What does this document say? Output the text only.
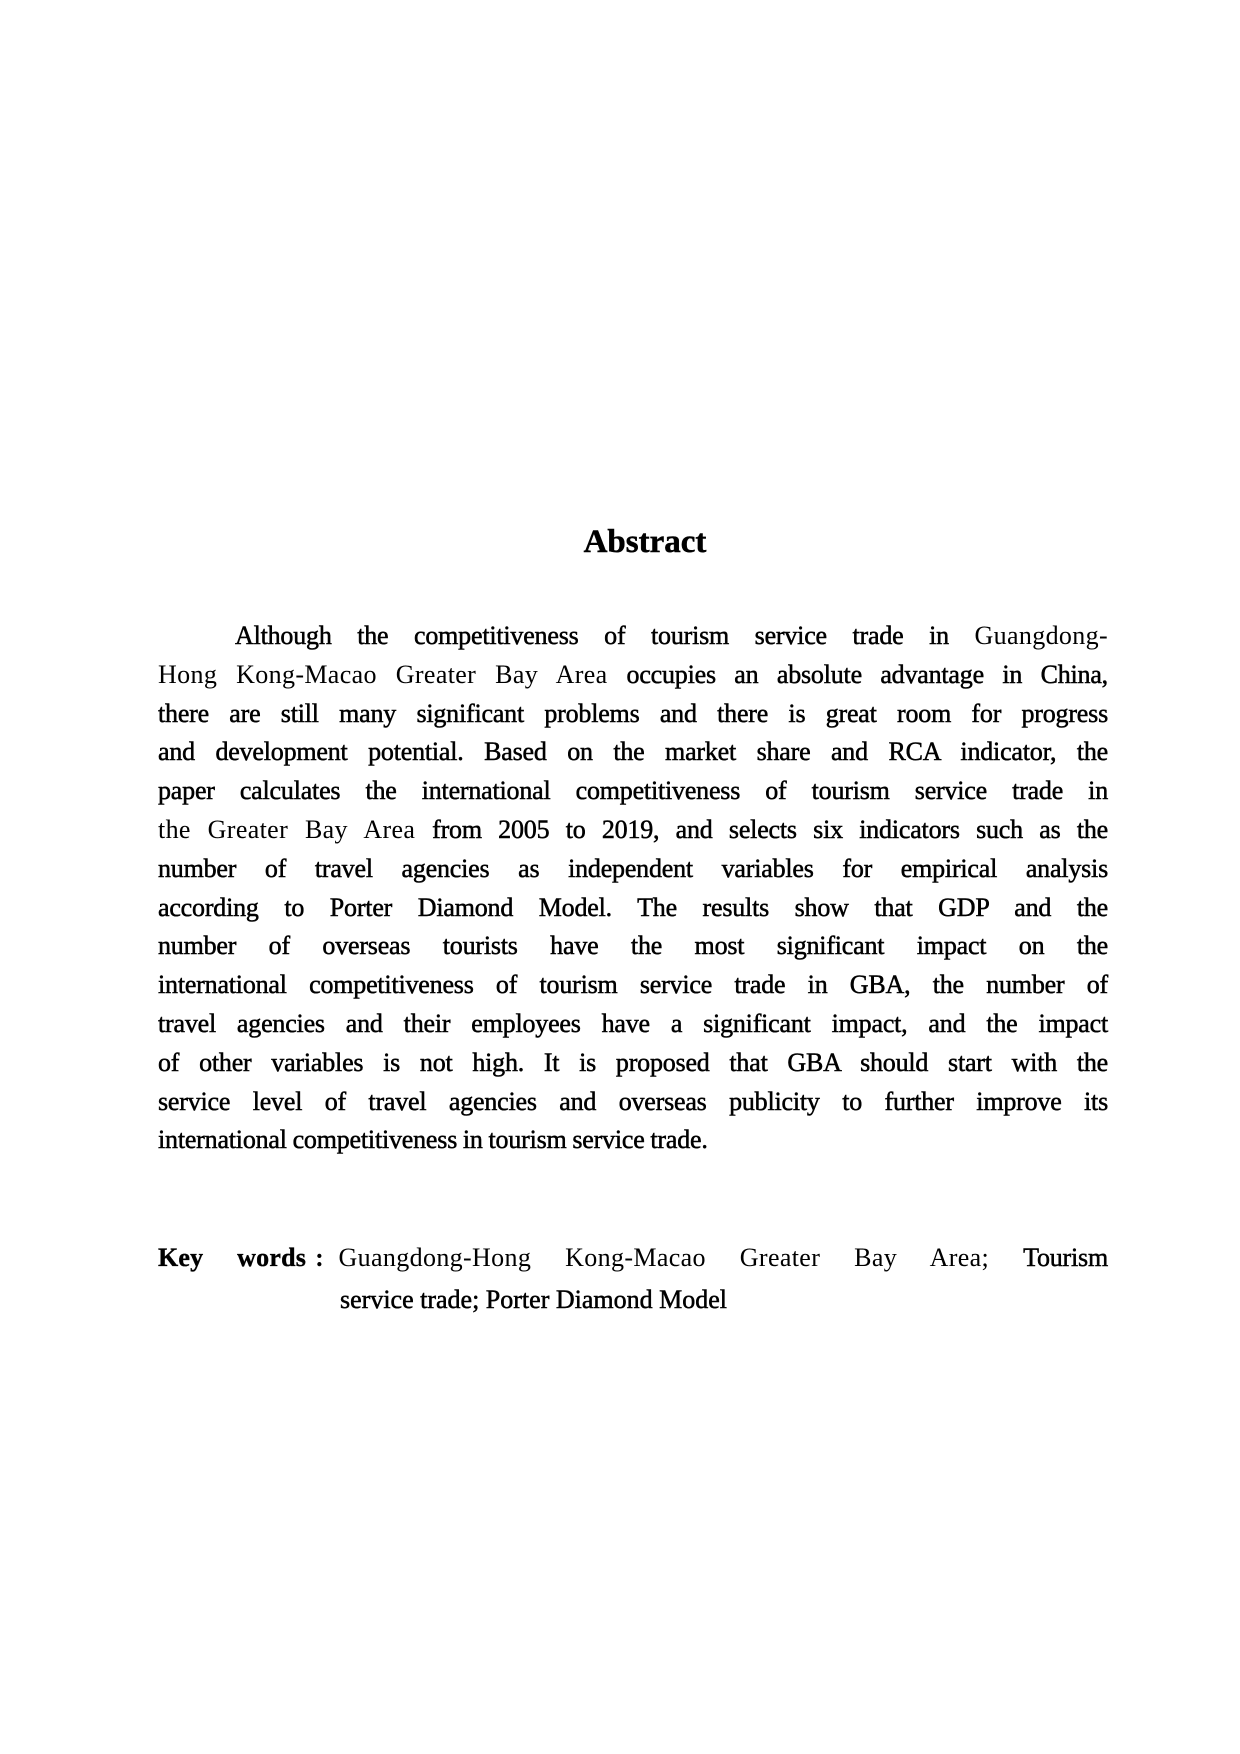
Abstract
Although the competitiveness of tourism service trade in Guangdong-
Hong Kong-Macao Greater Bay Area occupies an absolute advantage in China,
there are still many significant problems and there is great room for progress
and development potential. Based on the market share and RCA indicator, the
paper calculates the international competitiveness of tourism service trade in
the Greater Bay Area from 2005 to 2019, and selects six indicators such as the
number of travel agencies as independent variables for empirical analysis
according to Porter Diamond Model. The results show that GDP and the
number of overseas tourists have the most significant impact on the
international competitiveness of tourism service trade in GBA, the number of
travel agencies and their employees have a significant impact, and the impact
of other variables is not high. It is proposed that GBA should start with the
service level of travel agencies and overseas publicity to further improve its
international competitiveness in tourism service trade.
Key words : Guangdong-Hong Kong-Macao Greater Bay Area; Tourism
service trade; Porter Diamond Model
